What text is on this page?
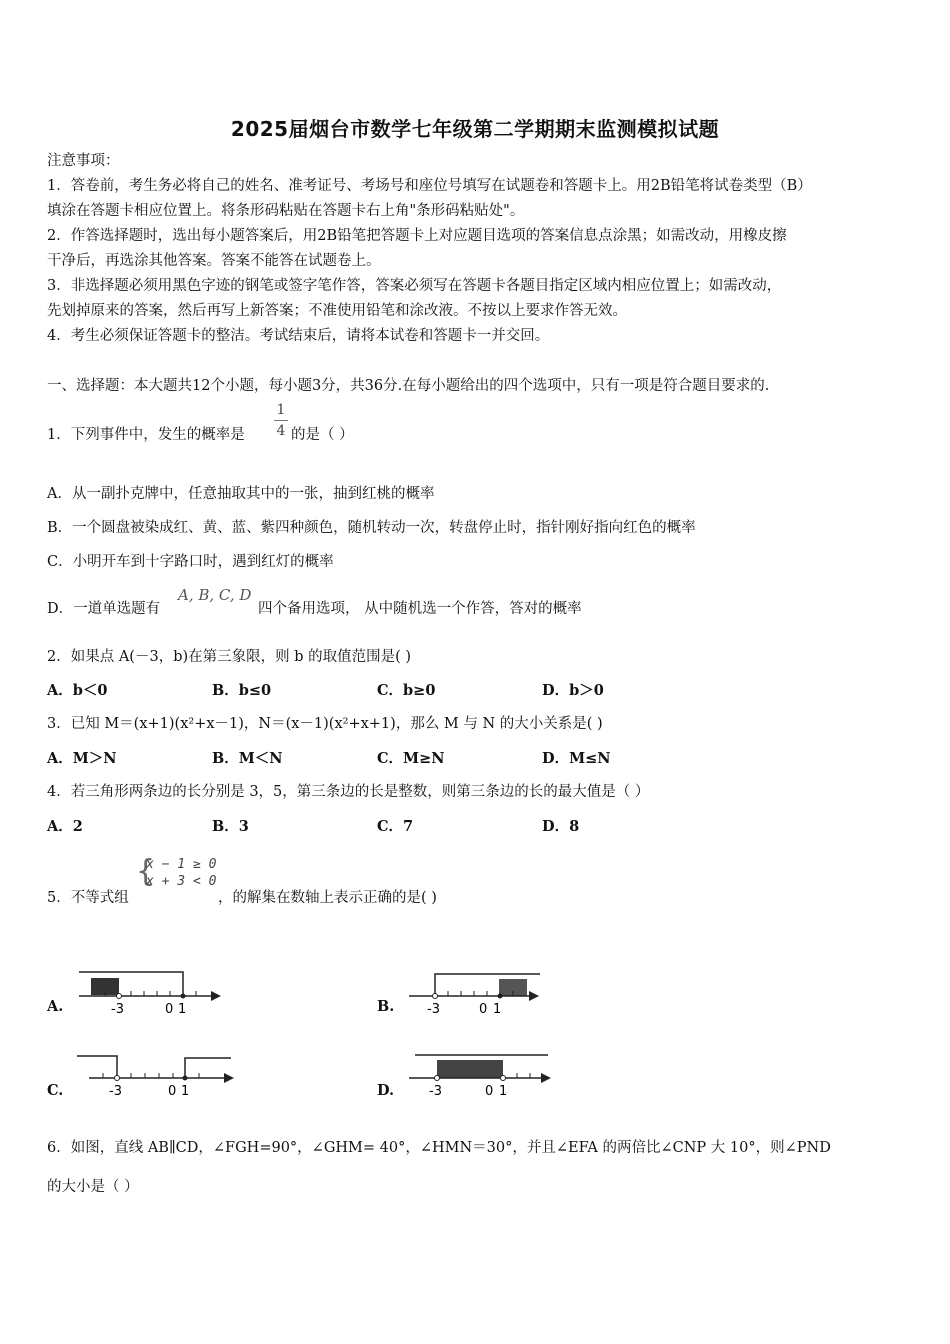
2025届烟台市数学七年级第二学期期末监测模拟试题
注意事项：
1．答卷前，考生务必将自己的姓名、准考证号、考场号和座位号填写在试题卷和答题卡上。用2B铅笔将试卷类型（B）
填涂在答题卡相应位置上。将条形码粘贴在答题卡右上角"条形码粘贴处"。
2．作答选择题时，选出每小题答案后，用2B铅笔把答题卡上对应题目选项的答案信息点涂黑；如需改动，用橡皮擦
干净后，再选涂其他答案。答案不能答在试题卷上。
3．非选择题必须用黑色字迹的钢笔或签字笔作答，答案必须写在答题卡各题目指定区域内相应位置上；如需改动，
先划掉原来的答案，然后再写上新答案；不准使用铅笔和涂改液。不按以上要求作答无效。
4．考生必须保证答题卡的整洁。考试结束后，请将本试卷和答题卡一并交回。
一、选择题：本大题共12个小题，每小题3分，共36分.在每小题给出的四个选项中，只有一项是符合题目要求的.
1．下列事件中，发生的概率是
1
4 的是（ ）
A．从一副扑克牌中，任意抽取其中的一张，抽到红桃的概率
B．一个圆盘被染成红、黄、蓝、紫四种颜色，随机转动一次，转盘停止时，指针刚好指向红色的概率
C．小明开车到十字路口时，遇到红灯的概率
D．一道单选题有
A, B, C, D
四个备用选项， 从中随机选一个作答，答对的概率
2．如果点 A(－3，b)在第三象限，则 b 的取值范围是( )
A．b＜0	B．b≤0	C．b≥0	D．b＞0
3．已知 M＝(x+1)(x²+x－1)，N＝(x－1)(x²+x+1)，那么 M 与 N 的大小关系是( )
A．M＞N	B．M＜N	C．M≥N	D．M≤N
4．若三角形两条边的长分别是 3，5，第三条边的长是整数，则第三条边的长的最大值是（ ）
A．2	B．3	C．7	D．8
5．不等式组
{
x − 1 ≥ 0
x + 3 < 0
，的解集在数轴上表示正确的是( )
A.	B.
C.	D.
-3	0 1	-3	0 1
-3	0 1	-3	0 1
6．如图，直线 AB∥CD，∠FGH=90°，∠GHM= 40°，∠HMN＝30°，并且∠EFA 的两倍比∠CNP 大 10°，则∠PND
的大小是（ ）
